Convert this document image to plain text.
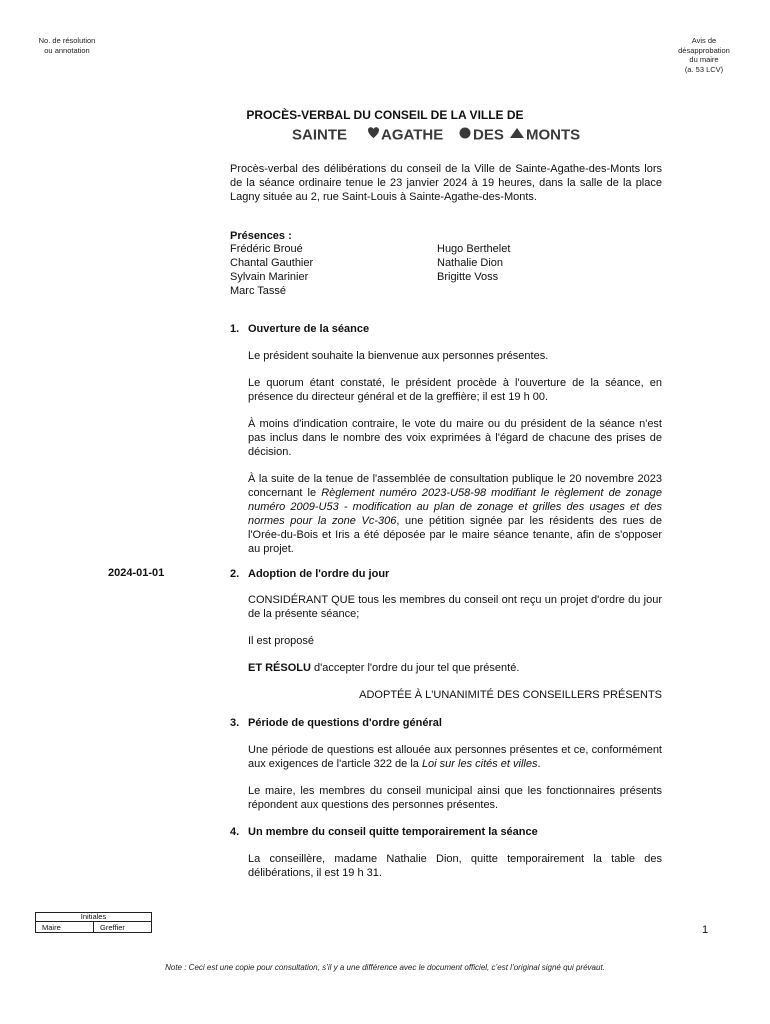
No. de résolution
ou annotation
Avis de
désapprobation
du maire
(a. 53 LCV)
PROCÈS-VERBAL DU CONSEIL DE LA VILLE DE
SAINTE AGATHE DES MONTS
Procès-verbal des délibérations du conseil de la Ville de Sainte-Agathe-des-Monts lors de la séance ordinaire tenue le 23 janvier 2024 à 19 heures, dans la salle de la place Lagny située au 2, rue Saint-Louis à Sainte-Agathe-des-Monts.
Présences :
Frédéric Broué
Chantal Gauthier
Sylvain Marinier
Marc Tassé
Hugo Berthelet
Nathalie Dion
Brigitte Voss
1. Ouverture de la séance
Le président souhaite la bienvenue aux personnes présentes.
Le quorum étant constaté, le président procède à l'ouverture de la séance, en présence du directeur général et de la greffière; il est 19 h 00.
À moins d'indication contraire, le vote du maire ou du président de la séance n'est pas inclus dans le nombre des voix exprimées à l'égard de chacune des prises de décision.
À la suite de la tenue de l'assemblée de consultation publique le 20 novembre 2023 concernant le Règlement numéro 2023-U58-98 modifiant le règlement de zonage numéro 2009-U53 - modification au plan de zonage et grilles des usages et des normes pour la zone Vc-306, une pétition signée par les résidents des rues de l'Orée-du-Bois et Iris a été déposée par le maire séance tenante, afin de s'opposer au projet.
2024-01-01	2. Adoption de l'ordre du jour
CONSIDÉRANT QUE tous les membres du conseil ont reçu un projet d'ordre du jour de la présente séance;
Il est proposé
ET RÉSOLU d'accepter l'ordre du jour tel que présenté.
ADOPTÉE À L'UNANIMITÉ DES CONSEILLERS PRÉSENTS
3. Période de questions d'ordre général
Une période de questions est allouée aux personnes présentes et ce, conformément aux exigences de l'article 322 de la Loi sur les cités et villes.
Le maire, les membres du conseil municipal ainsi que les fonctionnaires présents répondent aux questions des personnes présentes.
4. Un membre du conseil quitte temporairement la séance
La conseillère, madame Nathalie Dion, quitte temporairement la table des délibérations, il est 19 h 31.
Initiales
Maire	Greffier	1
Note : Ceci est une copie pour consultation, s’il y a une différence avec le document officiel, c’est l’original signé qui prévaut.
